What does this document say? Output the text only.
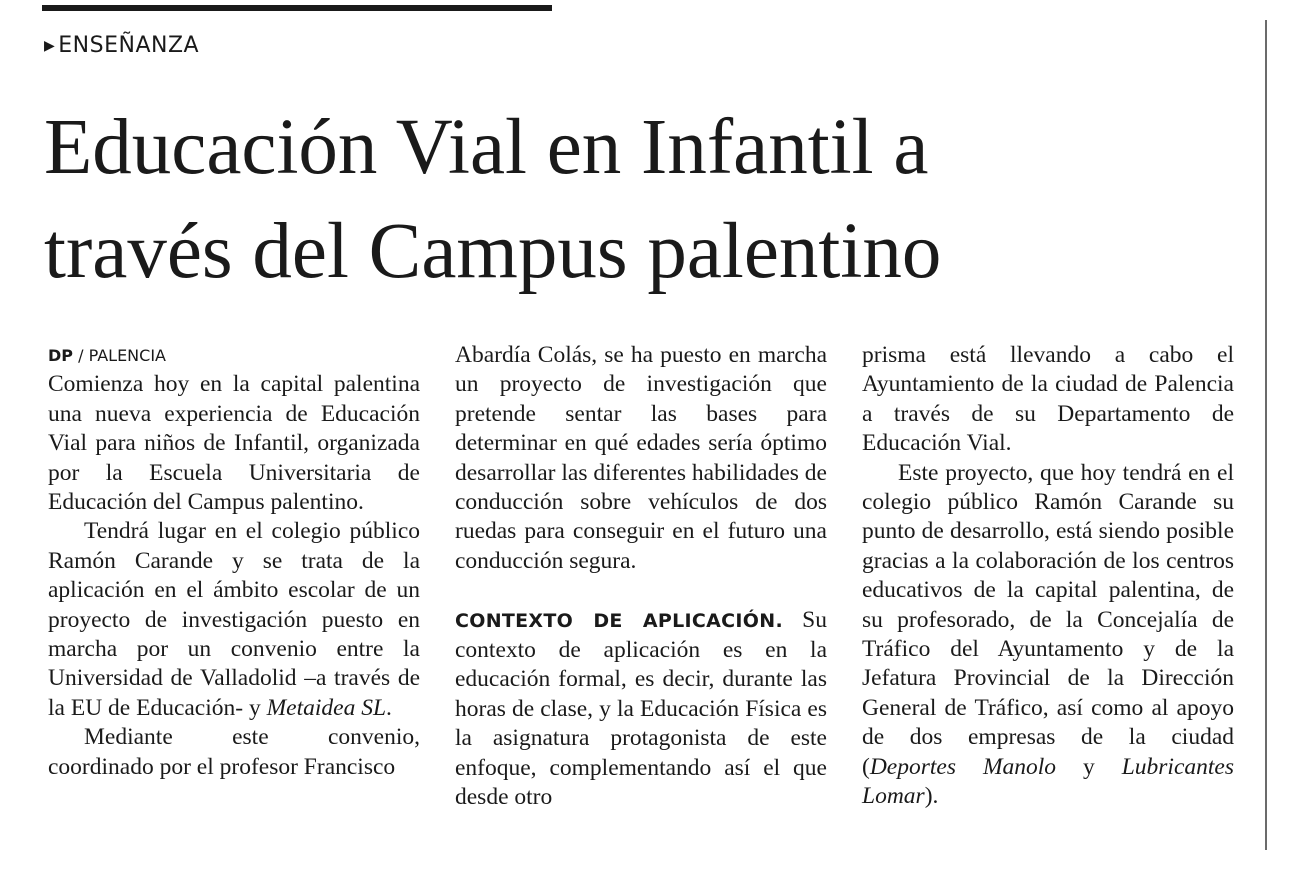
▶ ENSEÑANZA
Educación Vial en Infantil a
través del Campus palentino
DP / PALENCIA

Comienza hoy en la capital palentina una nueva experiencia de Educación Vial para niños de Infantil, organizada por la Escuela Universitaria de Educación del Campus palentino.

Tendrá lugar en el colegio público Ramón Carande y se trata de la aplicación en el ámbito escolar de un proyecto de investigación puesto en marcha por un convenio entre la Universidad de Valladolid –a través de la EU de Educación- y Metaidea SL.

Mediante este convenio, coordinado por el profesor Francisco

Abardía Colás, se ha puesto en marcha un proyecto de investigación que pretende sentar las bases para determinar en qué edades sería óptimo desarrollar las diferentes habilidades de conducción sobre vehículos de dos ruedas para conseguir en el futuro una conducción segura.

CONTEXTO DE APLICACIÓN. Su contexto de aplicación es en la educación formal, es decir, durante las horas de clase, y la Educación Física es la asignatura protagonista de este enfoque, complementando así el que desde otro

prisma está llevando a cabo el Ayuntamiento de la ciudad de Palencia a través de su Departamento de Educación Vial.

Este proyecto, que hoy tendrá en el colegio público Ramón Carande su punto de desarrollo, está siendo posible gracias a la colaboración de los centros educativos de la capital palentina, de su profesorado, de la Concejalía de Tráfico del Ayuntamento y de la Jefatura Provincial de la Dirección General de Tráfico, así como al apoyo de dos empresas de la ciudad (Deportes Manolo y Lubricantes Lomar).
